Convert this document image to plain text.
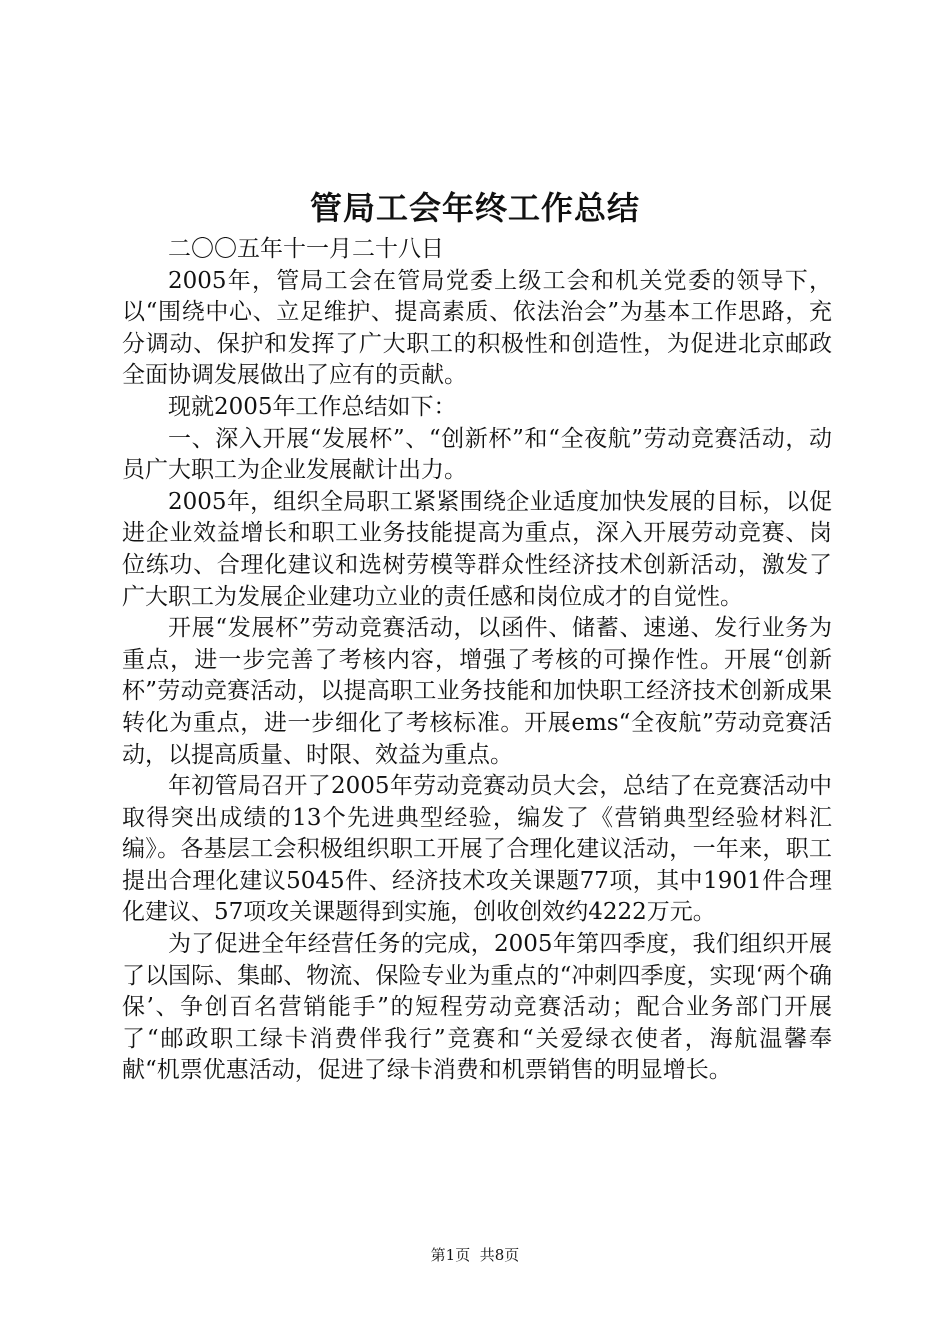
管局工会年终工作总结

二〇〇五年十一月二十八日

2005年，管局工会在管局党委上级工会和机关党委的领导下，以“围绕中心、立足维护、提高素质、依法治会”为基本工作思路，充分调动、保护和发挥了广大职工的积极性和创造性，为促进北京邮政全面协调发展做出了应有的贡献。

现就2005年工作总结如下：

一、深入开展“发展杯”、“创新杯”和“全夜航”劳动竞赛活动，动员广大职工为企业发展献计出力。

2005年，组织全局职工紧紧围绕企业适度加快发展的目标，以促进企业效益增长和职工业务技能提高为重点，深入开展劳动竞赛、岗位练功、合理化建议和选树劳模等群众性经济技术创新活动，激发了广大职工为发展企业建功立业的责任感和岗位成才的自觉性。

开展“发展杯”劳动竞赛活动，以函件、储蓄、速递、发行业务为重点，进一步完善了考核内容，增强了考核的可操作性。开展“创新杯”劳动竞赛活动，以提高职工业务技能和加快职工经济技术创新成果转化为重点，进一步细化了考核标准。开展ems“全夜航”劳动竞赛活动，以提高质量、时限、效益为重点。

年初管局召开了2005年劳动竞赛动员大会，总结了在竞赛活动中取得突出成绩的13个先进典型经验，编发了《营销典型经验材料汇编》。各基层工会积极组织职工开展了合理化建议活动，一年来，职工提出合理化建议5045件、经济技术攻关课题77项，其中1901件合理化建议、57项攻关课题得到实施，创收创效约4222万元。

为了促进全年经营任务的完成，2005年第四季度，我们组织开展了以国际、集邮、物流、保险专业为重点的“冲刺四季度，实现‘两个确保’、争创百名营销能手”的短程劳动竞赛活动；配合业务部门开展了“邮政职工绿卡消费伴我行”竞赛和“关爱绿衣使者，海航温馨奉献“机票优惠活动，促进了绿卡消费和机票销售的明显增长。

第1页 共8页
